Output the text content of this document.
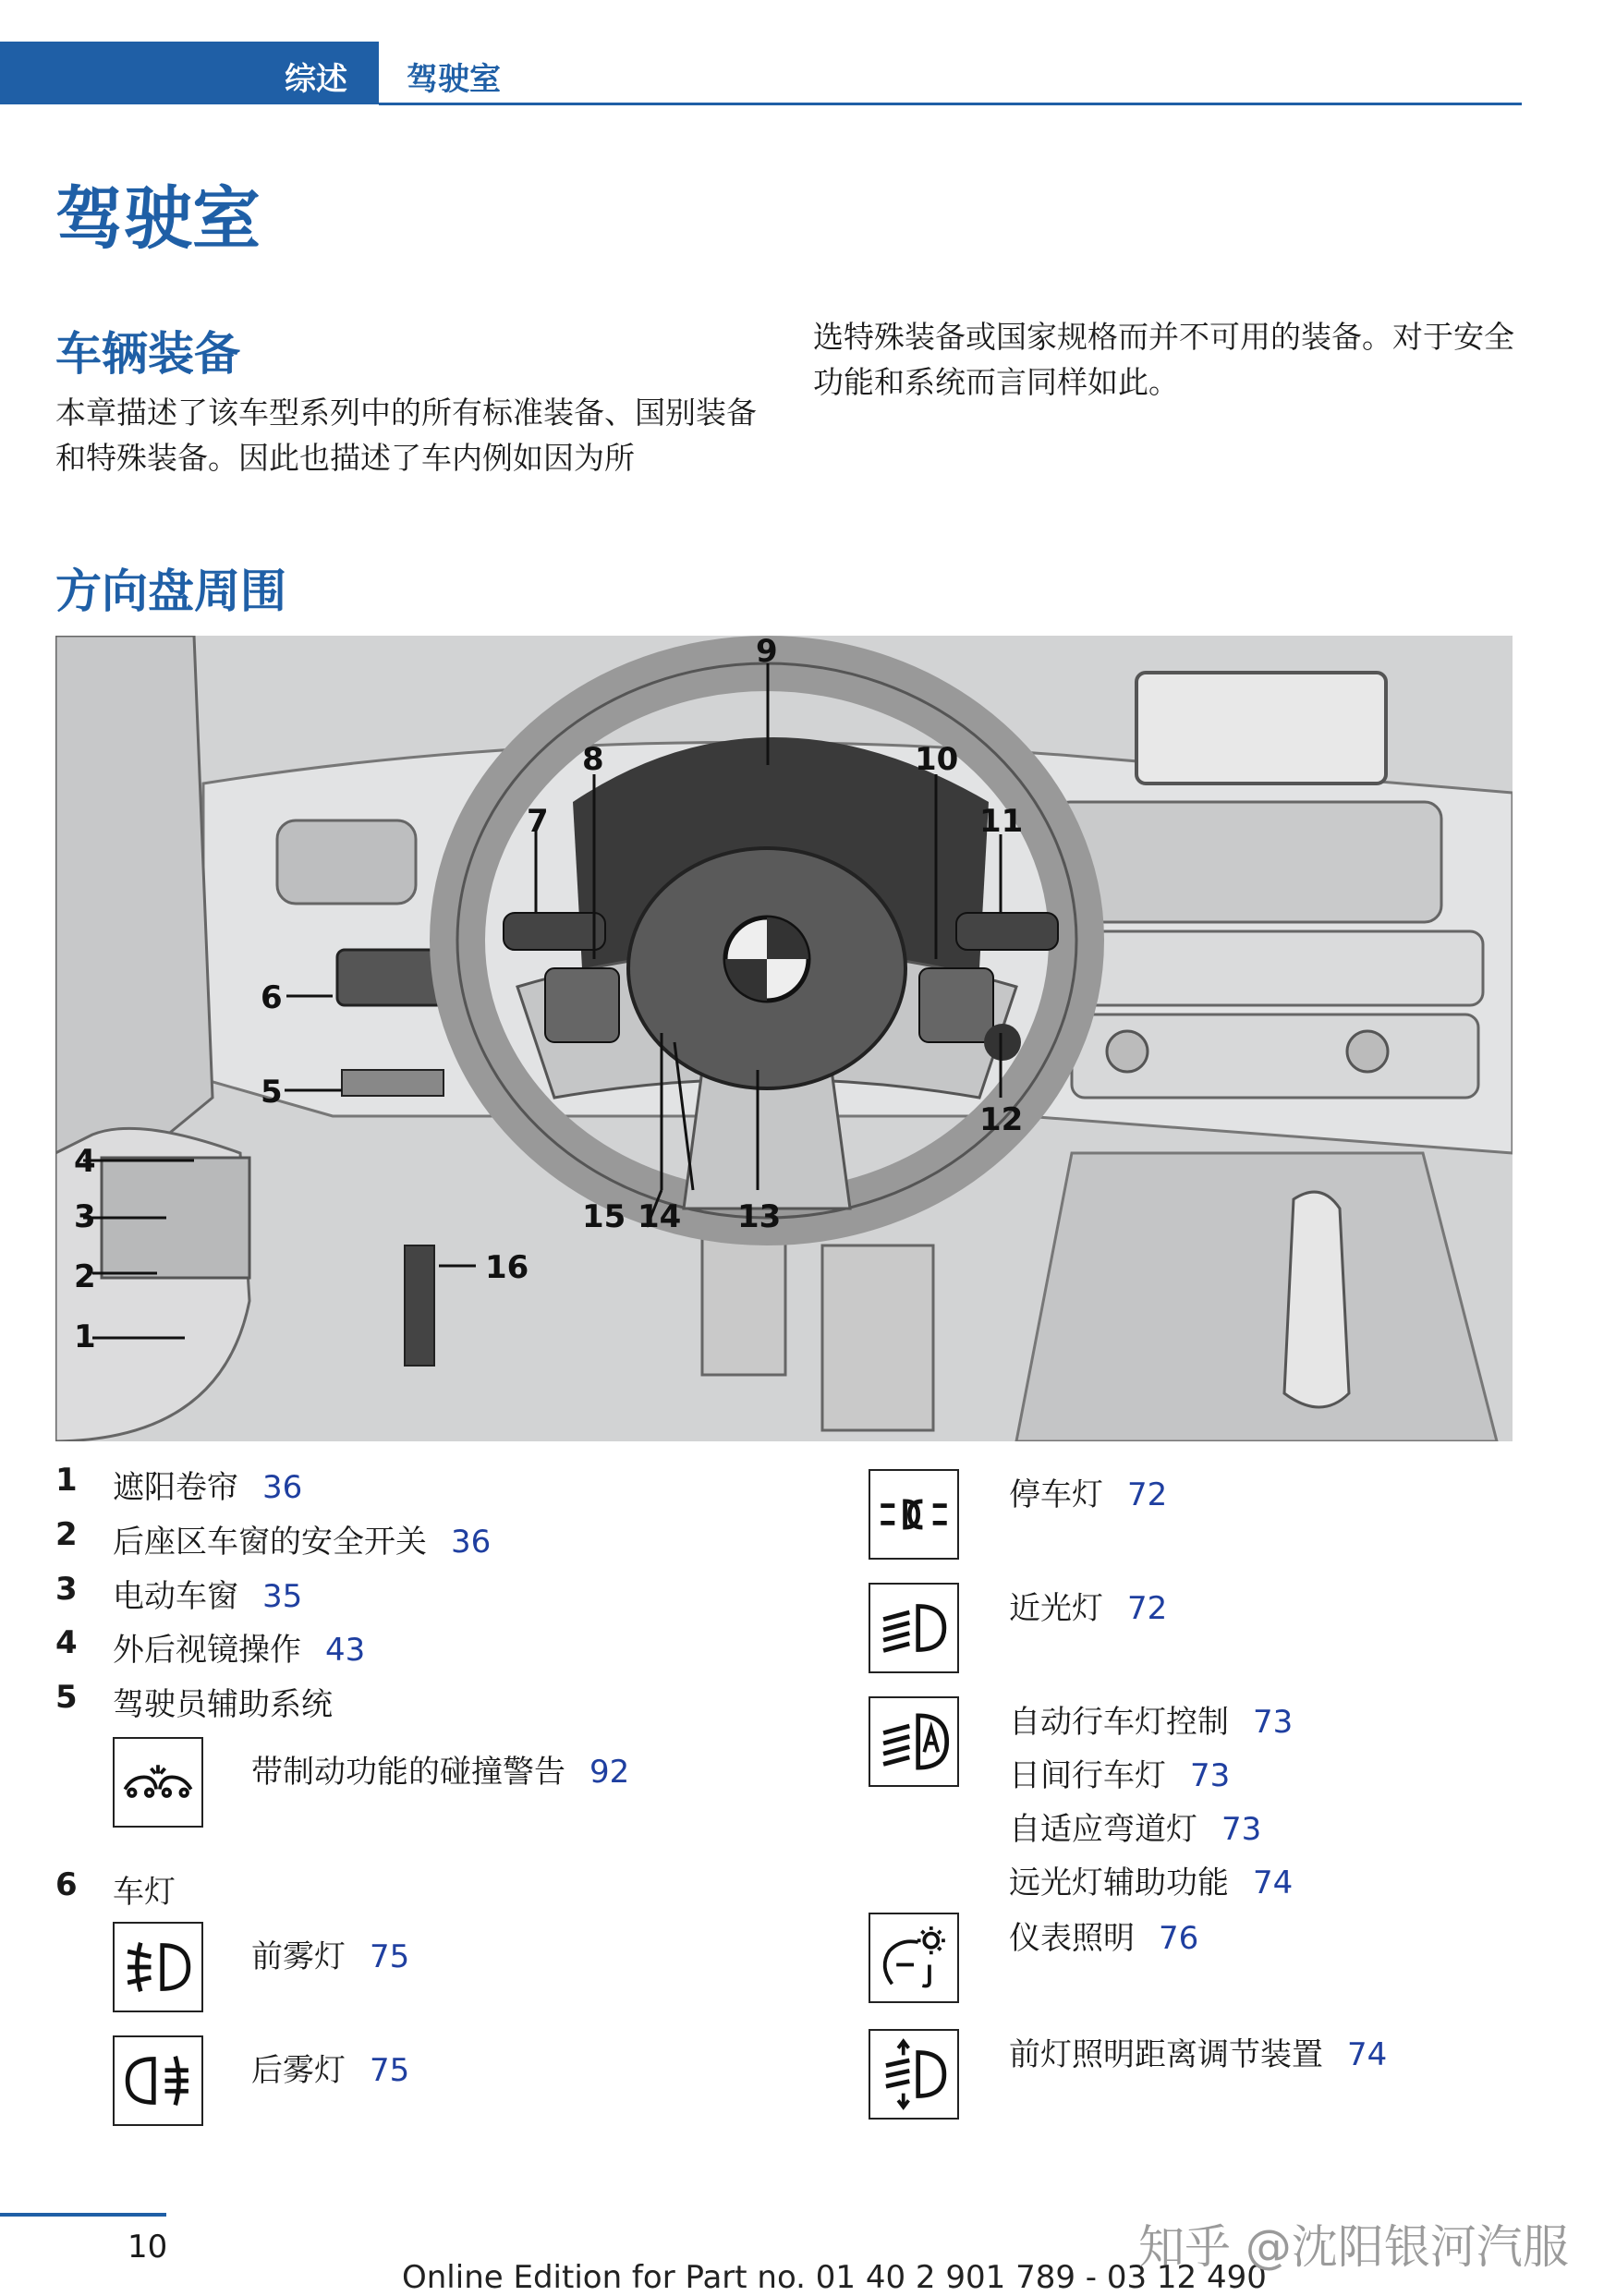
综述 驾驶室
驾驶室
车辆装备
本章描述了该车型系列中的所有标准装备、国别装备和特殊装备。因此也描述了车内例如因为所
选特殊装备或国家规格而并不可用的装备。对于安全功能和系统而言同样如此。
方向盘周围
1
2
3
4
5
6
7
8
9
10
11
12
13
14
15
16
1 遮阳卷帘 36
2 后座区车窗的安全开关 36
3 电动车窗 35
4 外后视镜操作 43
5 驾驶员辅助系统
带制动功能的碰撞警告 92
6 车灯
前雾灯 75
后雾灯 75
停车灯 72
近光灯 72
自动行车灯控制 73
日间行车灯 73
自适应弯道灯 73
远光灯辅助功能 74
仪表照明 76
前灯照明距离调节装置 74
10
Online Edition for Part no. 01 40 2 901 789 - 03 12 490
知乎 @沈阳银河汽服
